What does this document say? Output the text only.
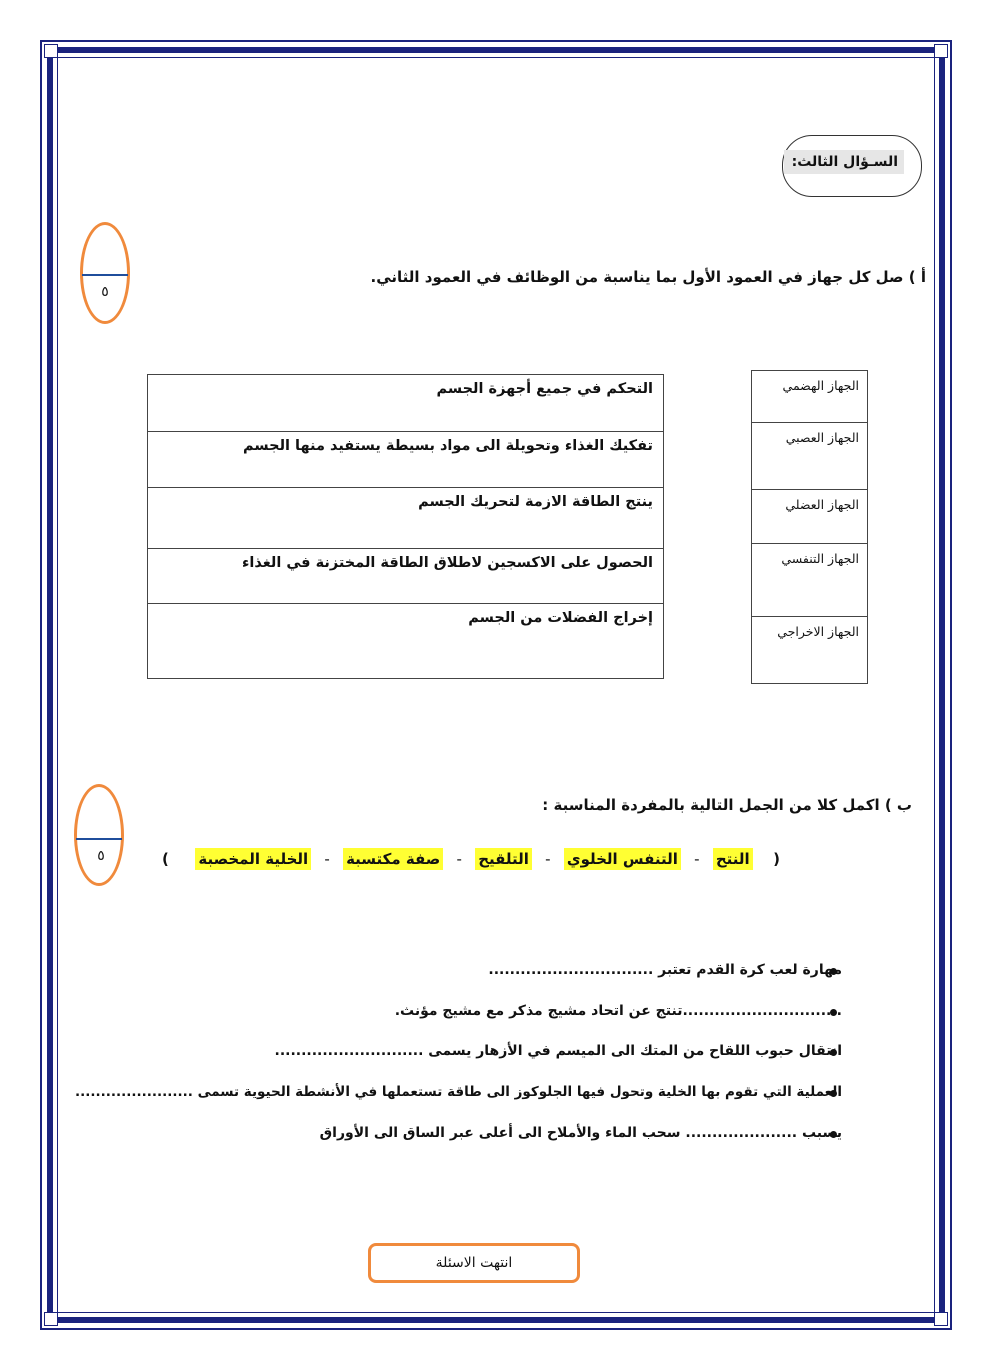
السـؤال الثالث:
٥
أ ) صل كل جهاز في العمود الأول بما يناسبة من الوظائف في العمود الثاني.
التحكم في جميع أجهزة الجسم
تفكيك الغذاء وتحويلة الى مواد بسيطة يستفيد منها الجسم
ينتج الطاقة الازمة لتحريك الجسم
الحصول على الاكسجين لاطلاق الطاقة المختزنة في الغذاء
إخراج الفضلات من الجسم
الجهاز الهضمي
الجهاز العصبي
الجهاز العضلي
الجهاز التنفسي
الجهاز الاخراجي
٥
ب ) اكمل كلا من الجمل التالية بالمفردة المناسبة :
(  النتح - التنفس الخلوي - التلقيح - صفة مكتسبة - الخلية المخصبة  )
مهارة لعب كرة القدم تعتبر ...............................
..............................تنتج عن اتحاد مشيج مذكر مع مشيج مؤنث.
انتقال حبوب اللقاح من المتك الى الميسم في الأزهار يسمى ............................
العملية التي تقوم بها الخلية وتحول فيها الجلوكوز الى طاقة تستعملها في الأنشطة الحيوية تسمى .......................
يسبب ..................... سحب الماء والأملاح الى أعلى عبر الساق الى الأوراق
انتهت الاسئلة
